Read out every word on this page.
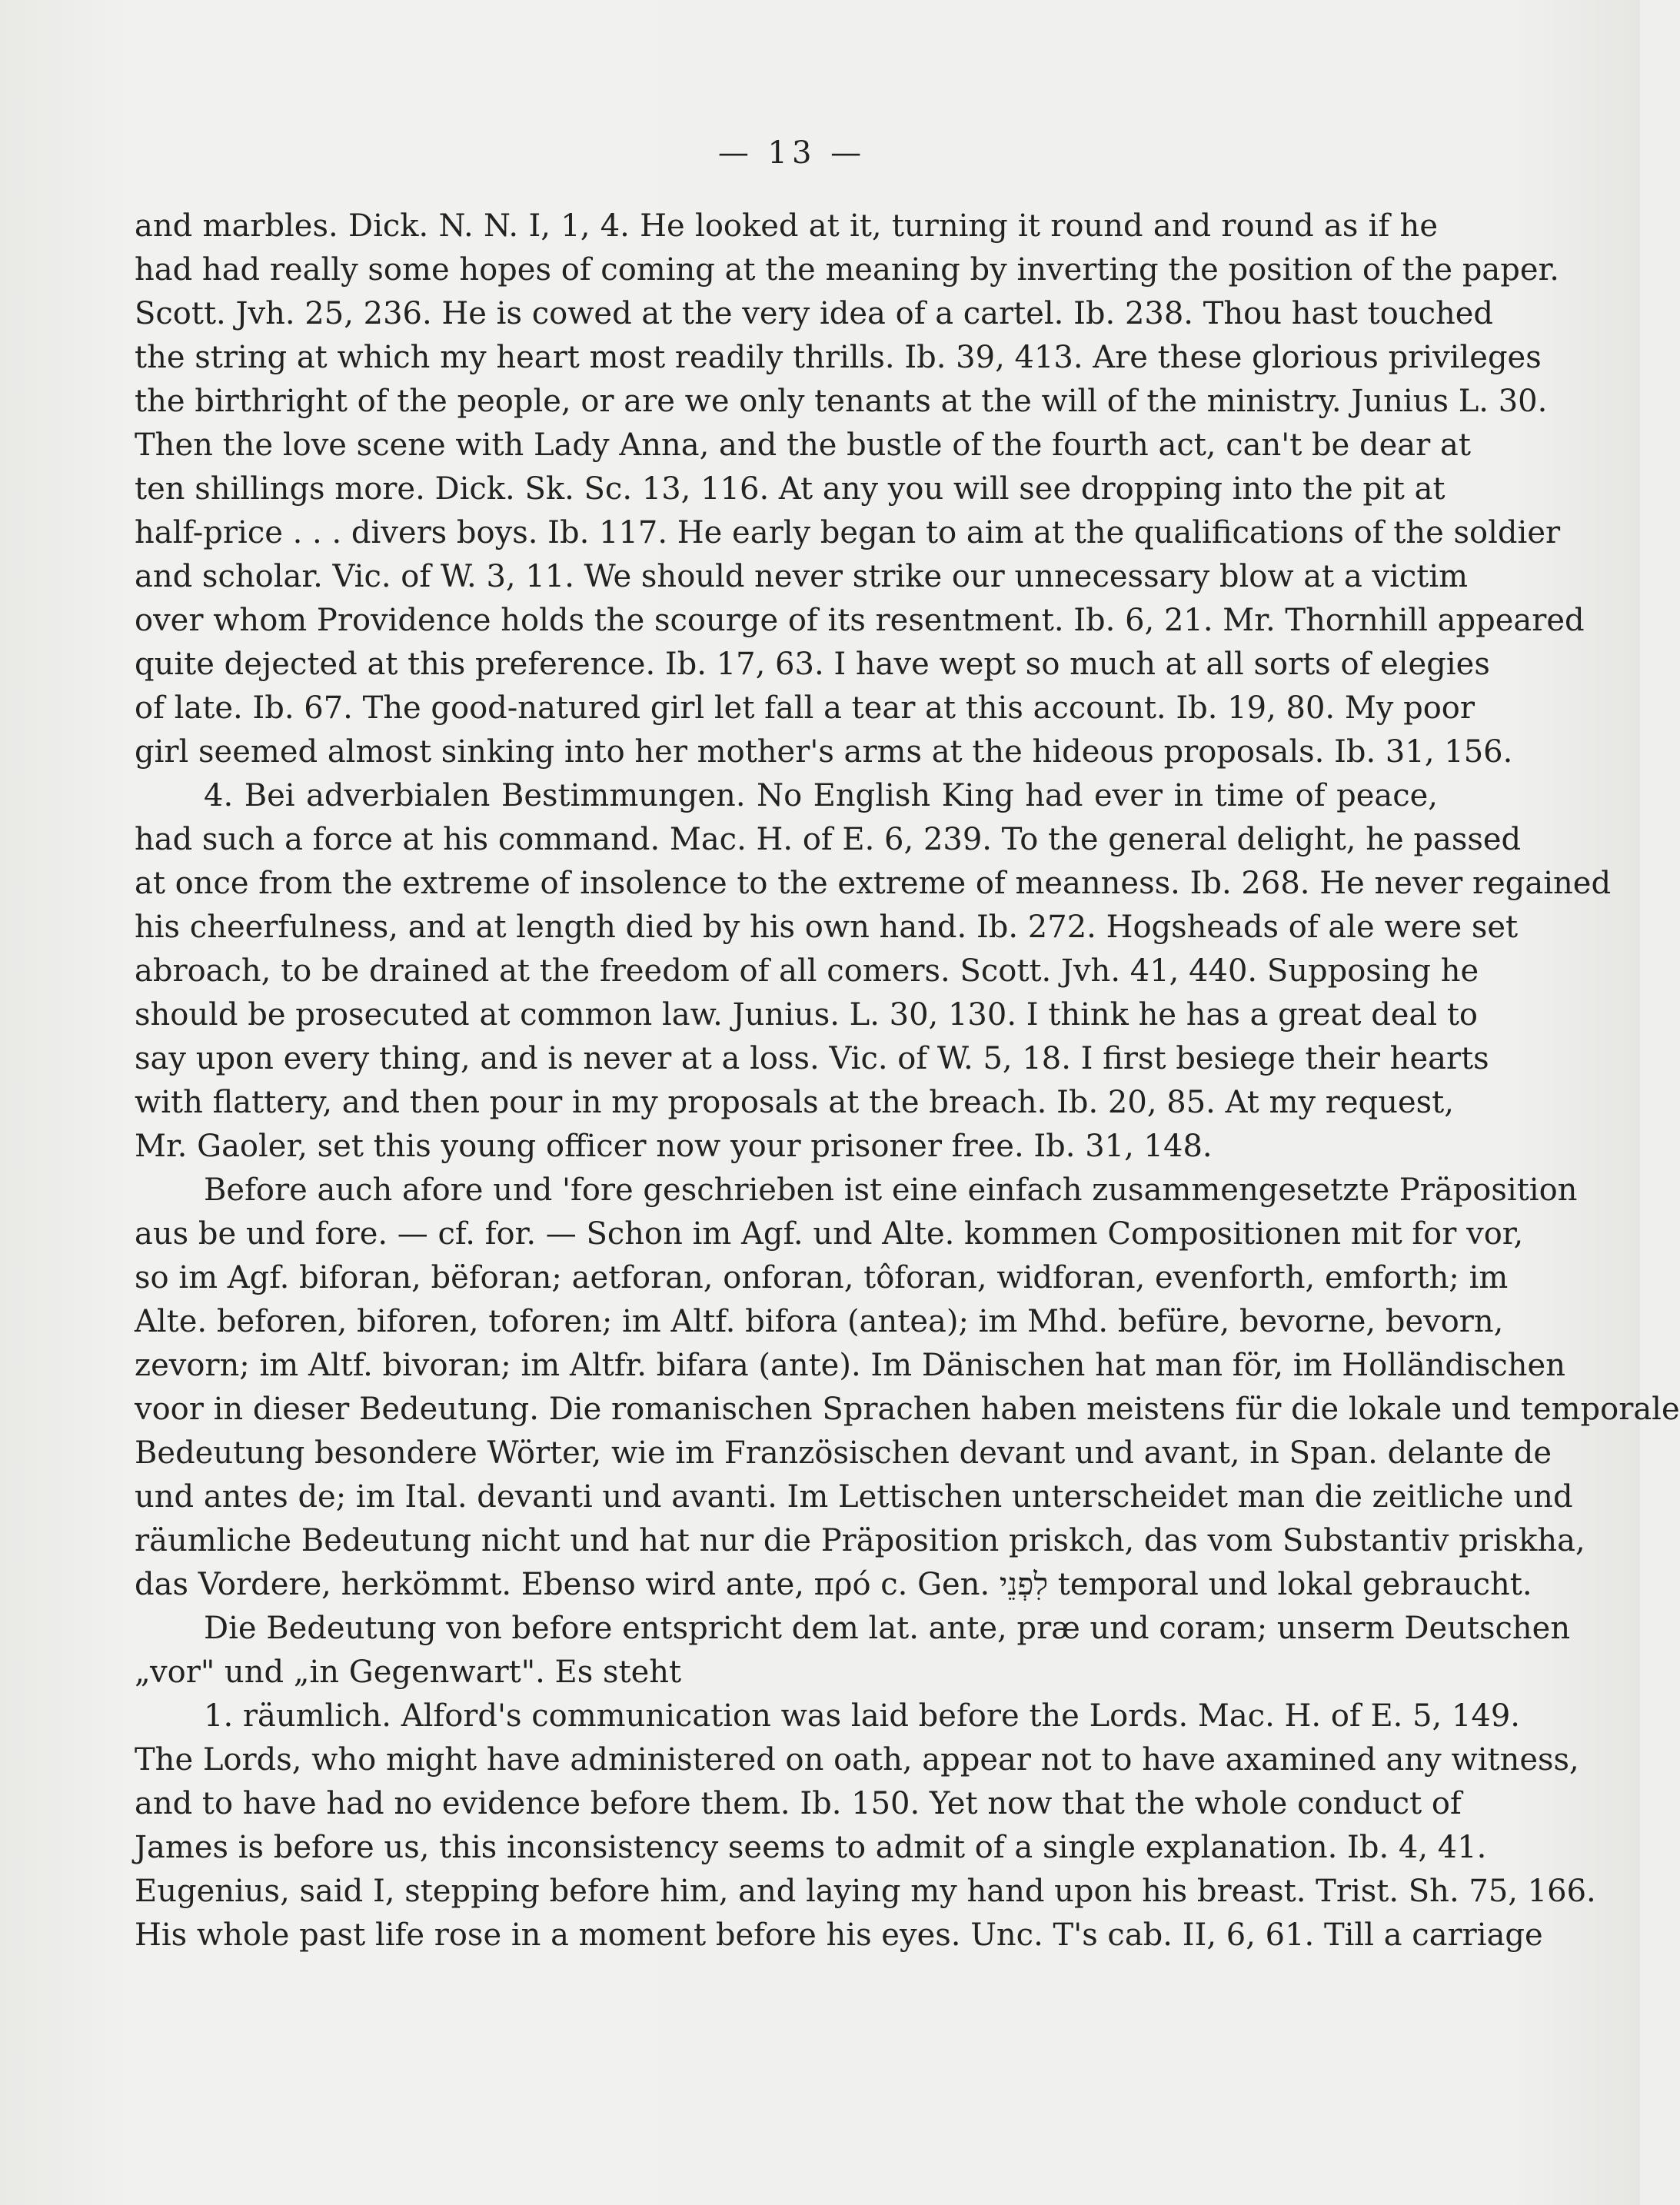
— 13 —
and marbles. Dick. N. N. I, 1, 4. He looked at it, turning it round and round as if he
had had really some hopes of coming at the meaning by inverting the position of the paper.
Scott. Jvh. 25, 236. He is cowed at the very idea of a cartel. Ib. 238. Thou hast touched
the string at which my heart most readily thrills. Ib. 39, 413. Are these glorious privileges
the birthright of the people, or are we only tenants at the will of the ministry. Junius L. 30.
Then the love scene with Lady Anna, and the bustle of the fourth act, can't be dear at
ten shillings more. Dick. Sk. Sc. 13, 116. At any you will see dropping into the pit at
half-price . . . divers boys. Ib. 117. He early began to aim at the qualifications of the soldier
and scholar. Vic. of W. 3, 11. We should never strike our unnecessary blow at a victim
over whom Providence holds the scourge of its resentment. Ib. 6, 21. Mr. Thornhill appeared
quite dejected at this preference. Ib. 17, 63. I have wept so much at all sorts of elegies
of late. Ib. 67. The good-natured girl let fall a tear at this account. Ib. 19, 80. My poor
girl seemed almost sinking into her mother's arms at the hideous proposals. Ib. 31, 156.
4. Bei adverbialen Bestimmungen. No English King had ever in time of peace,
had such a force at his command. Mac. H. of E. 6, 239. To the general delight, he passed
at once from the extreme of insolence to the extreme of meanness. Ib. 268. He never regained
his cheerfulness, and at length died by his own hand. Ib. 272. Hogsheads of ale were set
abroach, to be drained at the freedom of all comers. Scott. Jvh. 41, 440. Supposing he
should be prosecuted at common law. Junius. L. 30, 130. I think he has a great deal to
say upon every thing, and is never at a loss. Vic. of W. 5, 18. I first besiege their hearts
with flattery, and then pour in my proposals at the breach. Ib. 20, 85. At my request,
Mr. Gaoler, set this young officer now your prisoner free. Ib. 31, 148.
Before auch afore und 'fore geschrieben ist eine einfach zusammengesetzte Präposition
aus be und fore. — cf. for. — Schon im Agf. und Altе. kommen Compositionen mit for vor,
so im Agf. biforan, bëforan; aetforan, onforan, tôforan, widforan, evenforth, emforth; im
Alte. beforen, biforen, toforen; im Altf. bifora (antea); im Mhd. befüre, bevorne, bevorn,
zevorn; im Altf. bivoran; im Altfr. bifara (ante). Im Dänischen hat man för, im Holländischen
voor in dieser Bedeutung. Die romanischen Sprachen haben meistens für die lokale und temporale
Bedeutung besondere Wörter, wie im Französischen devant und avant, in Span. delante de
und antes de; im Ital. devanti und avanti. Im Lettischen unterscheidet man die zeitliche und
räumliche Bedeutung nicht und hat nur die Präposition priskch, das vom Substantiv priskha,
das Vordere, herkömmt. Ebenso wird ante, πρό c. Gen. לִפְנֵי temporal und lokal gebraucht.
Die Bedeutung von before entspricht dem lat. ante, præ und coram; unserm Deutschen
„vor" und „in Gegenwart". Es steht
1. räumlich. Alford's communication was laid before the Lords. Mac. H. of E. 5, 149.
The Lords, who might have administered on oath, appear not to have axamined any witness,
and to have had no evidence before them. Ib. 150. Yet now that the whole conduct of
James is before us, this inconsistency seems to admit of a single explanation. Ib. 4, 41.
Eugenius, said I, stepping before him, and laying my hand upon his breast. Trist. Sh. 75, 166.
His whole past life rose in a moment before his eyes. Unc. T's cab. II, 6, 61. Till a carriage
